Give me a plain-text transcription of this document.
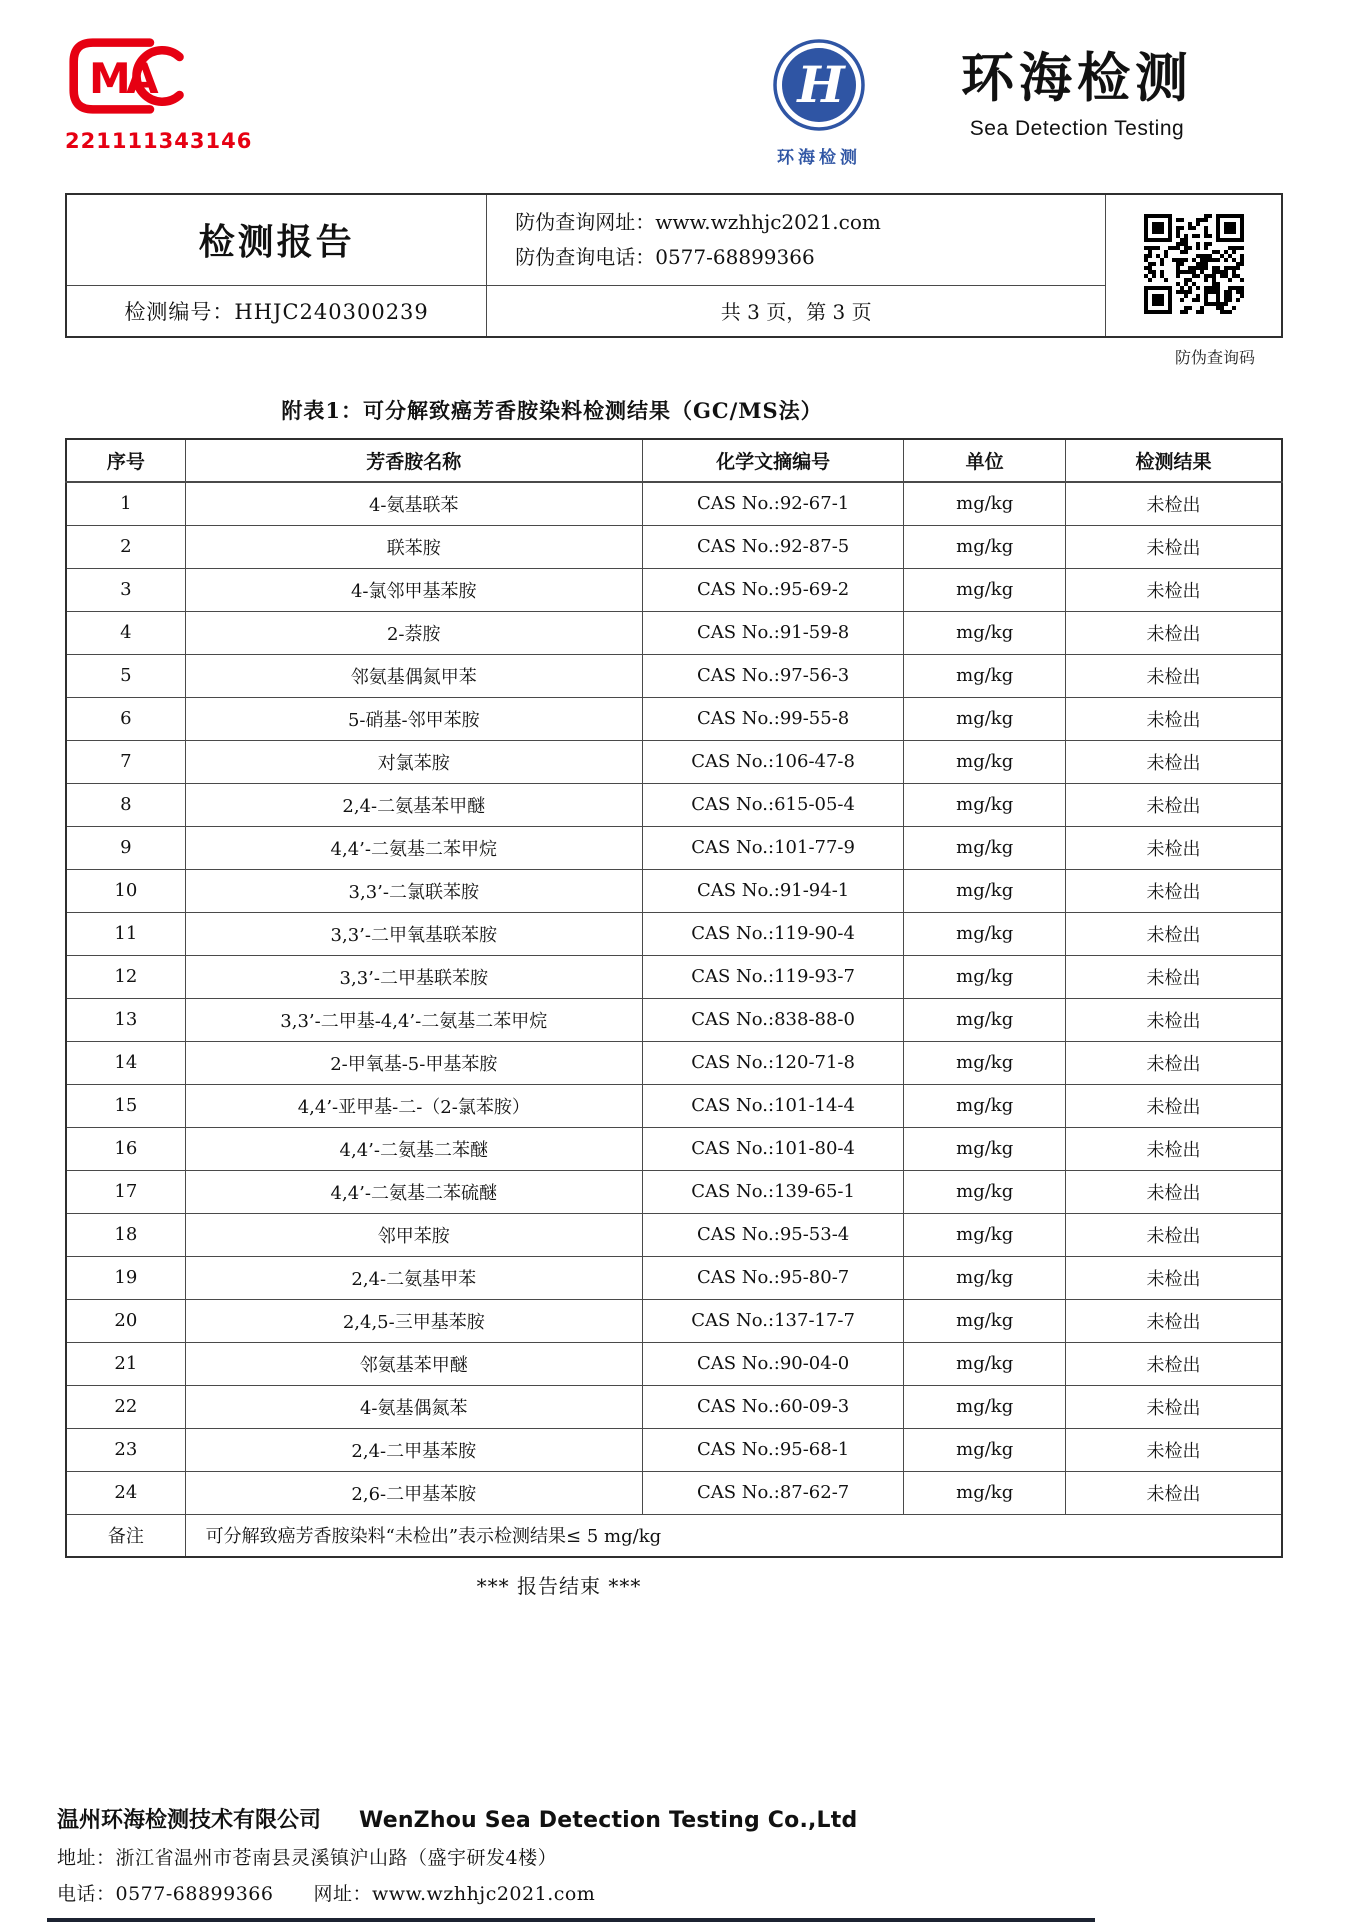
M
A
221111343146
H
环海检测
环海检测
Sea Detection Testing
检测报告	防伪查询网址：www.wzhhjc2021.com
防伪查询电话：0577-68899366

检测编号：HHJC240300239	共 3 页，第 3 页	
防伪查询码
附表1：可分解致癌芳香胺染料检测结果（GC/MS法）
序号	芳香胺名称	化学文摘编号	单位	检测结果
1	4-氨基联苯	CAS No.:92-67-1	mg/kg	未检出
2	联苯胺	CAS No.:92-87-5	mg/kg	未检出
3	4-氯邻甲基苯胺	CAS No.:95-69-2	mg/kg	未检出
4	2-萘胺	CAS No.:91-59-8	mg/kg	未检出
5	邻氨基偶氮甲苯	CAS No.:97-56-3	mg/kg	未检出
6	5-硝基-邻甲苯胺	CAS No.:99-55-8	mg/kg	未检出
7	对氯苯胺	CAS No.:106-47-8	mg/kg	未检出
8	2,4-二氨基苯甲醚	CAS No.:615-05-4	mg/kg	未检出
9	4,4’-二氨基二苯甲烷	CAS No.:101-77-9	mg/kg	未检出
10	3,3’-二氯联苯胺	CAS No.:91-94-1	mg/kg	未检出
11	3,3’-二甲氧基联苯胺	CAS No.:119-90-4	mg/kg	未检出
12	3,3’-二甲基联苯胺	CAS No.:119-93-7	mg/kg	未检出
13	3,3’-二甲基-4,4’-二氨基二苯甲烷	CAS No.:838-88-0	mg/kg	未检出
14	2-甲氧基-5-甲基苯胺	CAS No.:120-71-8	mg/kg	未检出
15	4,4’-亚甲基-二-（2-氯苯胺）	CAS No.:101-14-4	mg/kg	未检出
16	4,4’-二氨基二苯醚	CAS No.:101-80-4	mg/kg	未检出
17	4,4’-二氨基二苯硫醚	CAS No.:139-65-1	mg/kg	未检出
18	邻甲苯胺	CAS No.:95-53-4	mg/kg	未检出
19	2,4-二氨基甲苯	CAS No.:95-80-7	mg/kg	未检出
20	2,4,5-三甲基苯胺	CAS No.:137-17-7	mg/kg	未检出
21	邻氨基苯甲醚	CAS No.:90-04-0	mg/kg	未检出
22	4-氨基偶氮苯	CAS No.:60-09-3	mg/kg	未检出
23	2,4-二甲基苯胺	CAS No.:95-68-1	mg/kg	未检出
24	2,6-二甲基苯胺	CAS No.:87-62-7	mg/kg	未检出
备注	可分解致癌芳香胺染料“未检出”表示检测结果≤ 5 mg/kg			
*** 报告结束 ***
温州环海检测技术有限公司 WenZhou Sea Detection Testing Co.,Ltd
地址：浙江省温州市苍南县灵溪镇沪山路（盛宇研发4楼）
电话：0577-68899366 网址：www.wzhhjc2021.com
